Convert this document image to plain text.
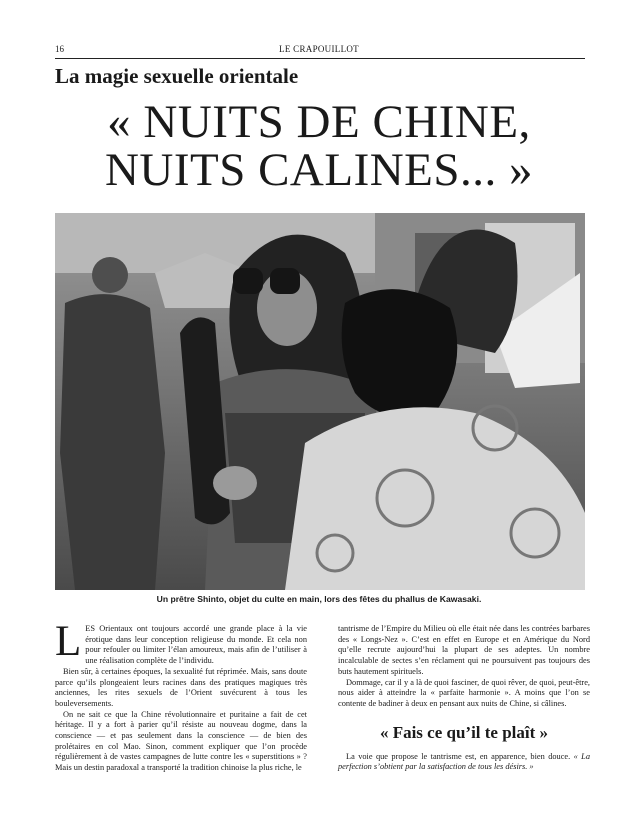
16	LE CRAPOUILLOT
La magie sexuelle orientale
« NUITS DE CHINE,
NUITS CALINES... »
Un prêtre Shinto, objet du culte en main, lors des fêtes du phallus de Kawasaki.

LES Orientaux ont toujours accordé une grande place à la vie érotique dans leur conception religieuse du monde. Et cela non pour refouler ou limiter l’élan amoureux, mais afin de l’utiliser à une réalisation complète de l’individu.

Bien sûr, à certaines époques, la sexualité fut réprimée. Mais, sans doute parce qu’ils plongeaient leurs racines dans des pratiques magiques très anciennes, les rites sexuels de l’Orient suvécurent à tous les bouleversements.

On ne sait ce que la Chine révolutionnaire et puritaine a fait de cet héritage. Il y a fort à parier qu’il résiste au nouveau dogme, dans la conscience — et pas seulement dans la conscience — de bien des prolétaires en col Mao. Sinon, comment expliquer que l’on procède régulièrement à de vastes campagnes de lutte contre les « superstitions » ? Mais un destin paradoxal a transporté la tradition chinoise la plus riche, le

tantrisme de l’Empire du Milieu où elle était née dans les contrées barbares des « Longs-Nez ». C’est en effet en Europe et en Amérique du Nord qu’elle recrute aujourd’hui la plupart de ses adeptes. Un nombre incalculable de sectes s’en réclament qui ne poursuivent pas toujours des buts hautement spirituels.

Dommage, car il y a là de quoi fasciner, de quoi rêver, de quoi, peut-être, nous aider à atteindre la « parfaite harmonie ». A moins que l’on se contente de badiner à deux en pensant aux nuits de Chine, si câlines.

« Fais ce qu’il te plaît »

La voie que propose le tantrisme est, en apparence, bien douce. « La perfection s’obtient par la satisfaction de tous les désirs. »
